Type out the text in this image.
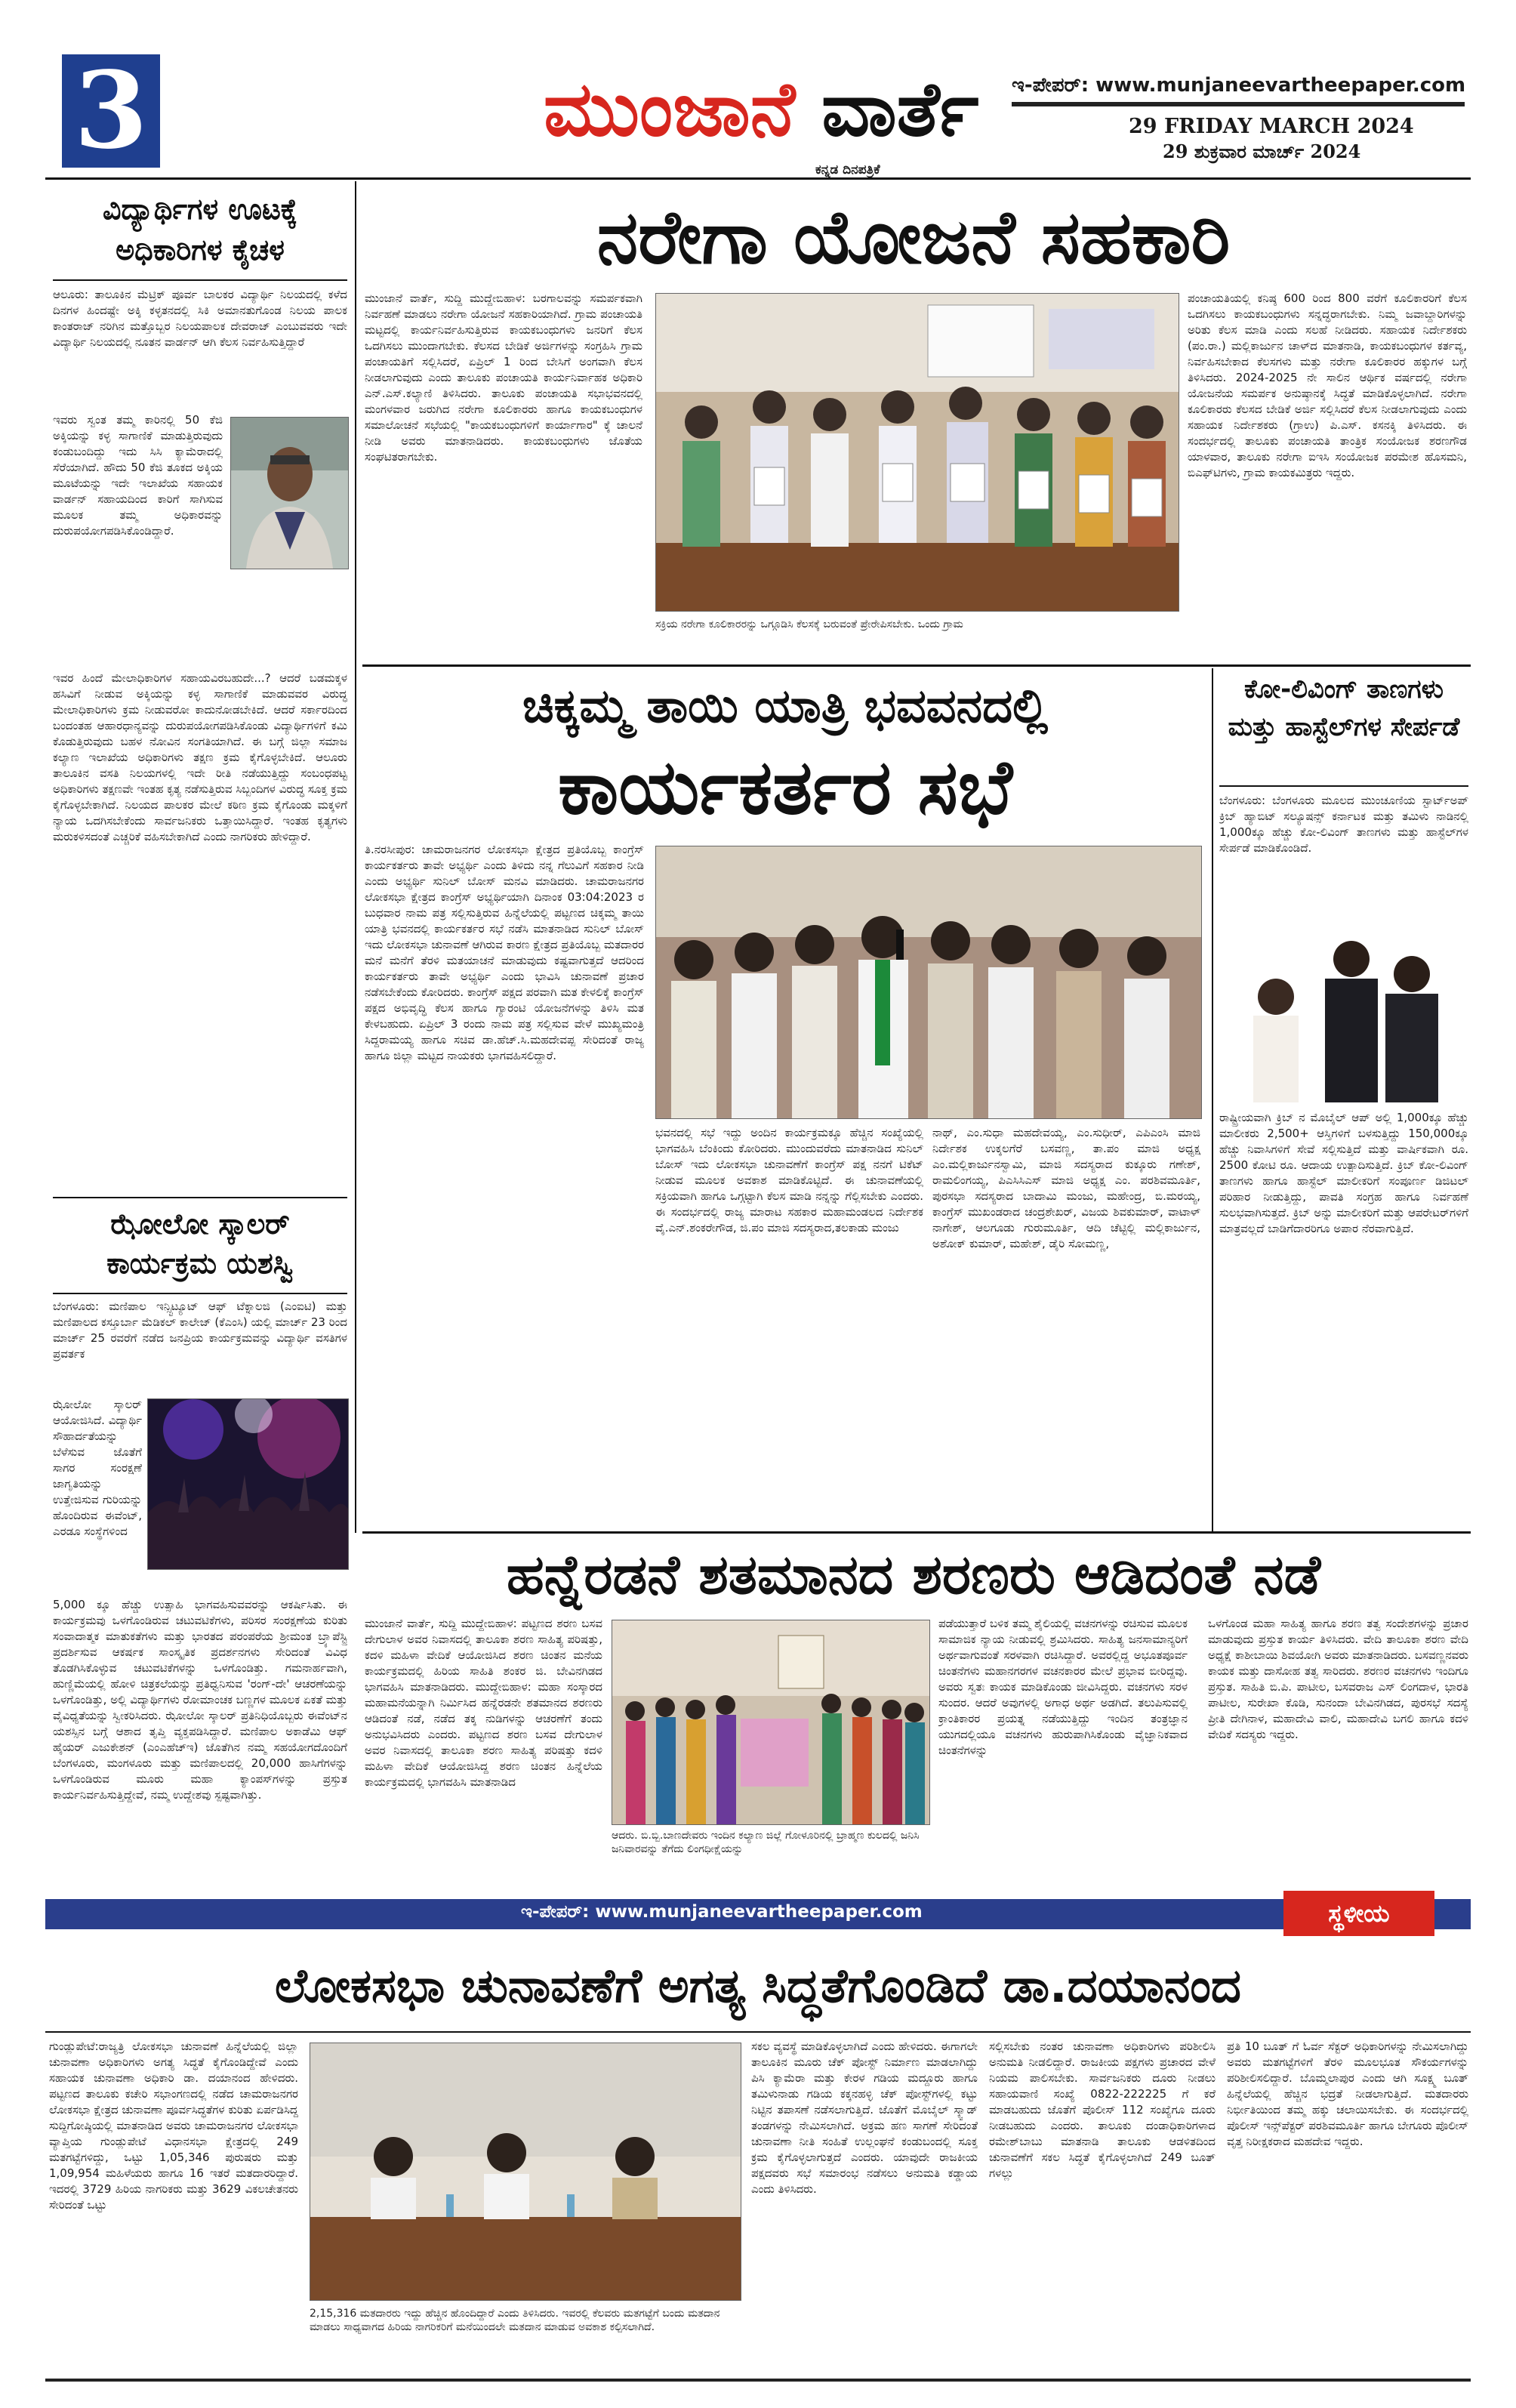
3	ಮುಂಜಾನೆ ವಾರ್ತೆ
ಕನ್ನಡ ದಿನಪತ್ರಿಕೆ
ಇ-ಪೇಪರ್: www.munjaneevartheepaper.com
29 FRIDAY MARCH 2024
29 ಶುಕ್ರವಾರ ಮಾರ್ಚ್ 2024
ವಿದ್ಯಾರ್ಥಿಗಳ ಊಟಕ್ಕೆ ಅಧಿಕಾರಿಗಳ ಕೈಚಳ
ಆಲೂರು: ತಾಲೂಕಿನ ಮೆಟ್ರಿಕ್ ಪೂರ್ವ ಬಾಲಕರ ವಿದ್ಯಾರ್ಥಿ ನಿಲಯದಲ್ಲಿ ಕಳೆದ ದಿನಗಳ ಹಿಂದಷ್ಟೇ ಅಕ್ಕಿ ಕಳ್ಳತನದಲ್ಲಿ ಸಿಕಿ ಅಮಾನತುಗೊಂಡ ನಿಲಯ ಪಾಲಕ ಕಾಂತರಾಜ್ ನರಿಗಿನ ಮತ್ತೊಬ್ಬರ ನಿಲಯಪಾಲಕ ದೇವರಾಜ್ ಎಂಬುವವರು ಇದೇ ವಿದ್ಯಾರ್ಥಿ ನಿಲಯದಲ್ಲಿ ನೂತನ ವಾರ್ಡನ್ ಆಗಿ ಕೆಲಸ ನಿರ್ವಹಿಸುತ್ತಿದ್ದಾರೆ
ಇವರು ಸ್ವಂತ ತಮ್ಮ ಕಾರಿನಲ್ಲಿ 50 ಕೆಜಿ ಅಕ್ಕಿಯನ್ನು ಕಳ್ಳ ಸಾಗಾಣಿಕೆ ಮಾಡುತ್ತಿರುವುದು ಕಂಡುಬಂದಿದ್ದು ಇದು ಸಿಸಿ ಕ್ಯಾಮೆರಾದಲ್ಲಿ ಸೆರೆಯಾಗಿದೆ. ಹೌದು 50 ಕೆಜಿ ತೂಕದ ಅಕ್ಕಿಯ ಮೂಟೆಯನ್ನು ಇದೇ ಇಲಾಖೆಯ ಸಹಾಯಕ ವಾರ್ಡನ್ ಸಹಾಯದಿಂದ ಕಾರಿಗೆ ಸಾಗಿಸುವ ಮೂಲಕ ತಮ್ಮ ಅಧಿಕಾರವನ್ನು ದುರುಪಯೋಗಪಡಿಸಿಕೊಂಡಿದ್ದಾರೆ.
ಇವರ ಹಿಂದೆ ಮೇಲಾಧಿಕಾರಿಗಳ ಸಹಾಯವಿರಬಹುದೇ...? ಆದರೆ ಬಡಮಕ್ಕಳ ಹಸಿವಿಗೆ ನೀಡುವ ಅಕ್ಕಿಯನ್ನು ಕಳ್ಳ ಸಾಗಾಣಿಕೆ ಮಾಡುವವರ ವಿರುದ್ಧ ಮೇಲಾಧಿಕಾರಿಗಳು ಕ್ರಮ ನೀಡುವರೋ ಕಾದುನೋಡಬೇಕಿದೆ. ಆದರೆ ಸರ್ಕಾರದಿಂದ ಬಂದಂತಹ ಆಹಾರಧಾನ್ಯವನ್ನು ದುರುಪಯೋಗಪಡಿಸಿಕೊಂಡು ವಿದ್ಯಾರ್ಥಿಗಳಿಗೆ ಕಮಿ ಕೊಡುತ್ತಿರುವುದು ಬಹಳ ನೋವಿನ ಸಂಗತಿಯಾಗಿದೆ. ಈ ಬಗ್ಗೆ ಜಿಲ್ಲಾ ಸಮಾಜ ಕಲ್ಯಾಣ ಇಲಾಖೆಯ ಅಧಿಕಾರಿಗಳು ತಕ್ಷಣ ಕ್ರಮ ಕೈಗೊಳ್ಳಬೇಕಿದೆ. ಆಲೂರು ತಾಲೂಕಿನ ವಸತಿ ನಿಲಯಗಳಲ್ಲಿ ಇದೇ ರೀತಿ ನಡೆಯುತ್ತಿದ್ದು ಸಂಬಂಧಪಟ್ಟ ಅಧಿಕಾರಿಗಳು ತಕ್ಷಣವೇ ಇಂತಹ ಕೃತ್ಯ ನಡೆಸುತ್ತಿರುವ ಸಿಬ್ಬಂದಿಗಳ ವಿರುದ್ಧ ಸೂಕ್ತ ಕ್ರಮ ಕೈಗೊಳ್ಳಬೇಕಾಗಿದೆ. ನಿಲಯದ ಪಾಲಕರ ಮೇಲೆ ಕಠಿಣ ಕ್ರಮ ಕೈಗೊಂಡು ಮಕ್ಕಳಿಗೆ ನ್ಯಾಯ ಒದಗಿಸಬೇಕೆಂದು ಸಾರ್ವಜನಿಕರು ಒತ್ತಾಯಿಸಿದ್ದಾರೆ. ಇಂತಹ ಕೃತ್ಯಗಳು ಮರುಕಳಿಸದಂತೆ ಎಚ್ಚರಿಕೆ ವಹಿಸಬೇಕಾಗಿದೆ ಎಂದು ನಾಗರಿಕರು ಹೇಳಿದ್ದಾರೆ.
ಝೋಲೋ ಸ್ಕಾಲರ್ ಕಾರ್ಯಕ್ರಮ ಯಶಸ್ವಿ
ಬೆಂಗಳೂರು: ಮಣಿಪಾಲ ಇನ್ಸ್ಟಿಟ್ಯೂಟ್ ಆಫ್ ಟೆಕ್ನಾಲಜಿ (ಎಂಐಟಿ) ಮತ್ತು ಮಣಿಪಾಲದ ಕಸ್ತೂರ್ಬಾ ಮೆಡಿಕಲ್ ಕಾಲೇಜ್ (ಕೆಎಂಸಿ) ಯಲ್ಲಿ ಮಾರ್ಚ್ 23 ರಿಂದ ಮಾರ್ಚ್ 25 ರವರೆಗೆ ನಡೆದ ಜನಪ್ರಿಯ ಕಾರ್ಯಕ್ರಮವನ್ನು ವಿದ್ಯಾರ್ಥಿ ವಸತಿಗಳ ಪ್ರವರ್ತಕ
ಝೋಲೋ ಸ್ಕಾಲರ್ ಆಯೋಜಿಸಿದೆ. ವಿದ್ಯಾರ್ಥಿ ಸೌಹಾರ್ದತೆಯನ್ನು ಬೆಳೆಸುವ ಜೊತೆಗೆ ಸಾಗರ ಸಂರಕ್ಷಣೆ ಜಾಗೃತಿಯನ್ನು ಉತ್ತೇಜಿಸುವ ಗುರಿಯನ್ನು ಹೊಂದಿರುವ ಈವೆಂಟ್, ಎರಡೂ ಸಂಸ್ಥೆಗಳಿಂದ
5,000 ಕ್ಕೂ ಹೆಚ್ಚು ಉತ್ಸಾಹಿ ಭಾಗವಹಿಸುವವರನ್ನು ಆಕರ್ಷಿಸಿತು. ಈ ಕಾರ್ಯಕ್ರಮವು ಒಳಗೊಂಡಿರುವ ಚಟುವಟಿಕೆಗಳು, ಪರಿಸರ ಸಂರಕ್ಷಣೆಯ ಕುರಿತು ಸಂವಾದಾತ್ಮಕ ಮಾತುಕತೆಗಳು ಮತ್ತು ಭಾರತದ ಪರಂಪರೆಯ ಶ್ರೀಮಂತ ಬ್ರ್ಯಾಪೆಸ್ಟ್ರಿ ಪ್ರದರ್ಶಿಸುವ ಆಕರ್ಷಕ ಸಾಂಸ್ಕೃತಿಕ ಪ್ರದರ್ಶನಗಳು ಸೇರಿದಂತೆ ವಿವಿಧ ತೊಡಗಿಸಿಕೊಳ್ಳುವ ಚಟುವಟಿಕೆಗಳನ್ನು ಒಳಗೊಂಡಿತ್ತು. ಗಮನಾರ್ಹವಾಗಿ, ಹುಣ್ಣಿಮೆಯಲ್ಲಿ ಹೋಳಿ ಚಿತ್ರಕಲೆಯನ್ನು ಪ್ರತಿಧ್ವನಿಸುವ 'ರಂಗ್-ದೇ' ಆಚರಣೆಯನ್ನು ಒಳಗೊಂಡಿತ್ತು, ಅಲ್ಲಿ ವಿದ್ಯಾರ್ಥಿಗಳು ರೋಮಾಂಚಕ ಬಣ್ಣಗಳ ಮೂಲಕ ಏಕತೆ ಮತ್ತು ವೈವಿಧ್ಯತೆಯನ್ನು ಸ್ವೀಕರಿಸಿದರು. ಝೋಲೋ ಸ್ಕಾಲರ್ ಪ್ರತಿನಿಧಿಯೊಬ್ಬರು ಈವೆಂಟ್‌ನ ಯಶಸ್ಸಿನ ಬಗ್ಗೆ ಆಶಾದ ತೃಪ್ತಿ ವ್ಯಕ್ತಪಡಿಸಿದ್ದಾರೆ. ಮಣಿಪಾಲ ಅಕಾಡೆಮಿ ಆಫ್ ಹೈಯರ್ ಎಜುಕೇಶನ್ (ಎಂಎಹೆಚ್ಇ) ಜೊತೆಗಿನ ನಮ್ಮ ಸಹಯೋಗದೊಂದಿಗೆ ಬೆಂಗಳೂರು, ಮಂಗಳೂರು ಮತ್ತು ಮಣಿಪಾಲದಲ್ಲಿ 20,000 ಹಾಸಿಗೆಗಳನ್ನು ಒಳಗೊಂಡಿರುವ ಮೂರು ಮಹಾ ಕ್ಯಾಂಪಸ್‌ಗಳನ್ನು ಪ್ರಸ್ತುತ ಕಾರ್ಯನಿರ್ವಹಿಸುತ್ತಿದ್ದೇವೆ, ನಮ್ಮ ಉದ್ದೇಶವು ಸ್ಪಷ್ಟವಾಗಿತ್ತು.
ನರೇಗಾ ಯೋಜನೆ ಸಹಕಾರಿ
ಮುಂಜಾನೆ ವಾರ್ತೆ, ಸುದ್ದಿ ಮುದ್ದೇಬಿಹಾಳ: ಬರಗಾಲವನ್ನು ಸಮರ್ಪಕವಾಗಿ ನಿರ್ವಹಣೆ ಮಾಡಲು ನರೇಗಾ ಯೋಜನೆ ಸಹಕಾರಿಯಾಗಿದೆ. ಗ್ರಾಮ ಪಂಚಾಯತಿ ಮಟ್ಟದಲ್ಲಿ ಕಾರ್ಯನಿರ್ವಹಿಸುತ್ತಿರುವ ಕಾಯಕಬಂಧುಗಳು ಜನರಿಗೆ ಕೆಲಸ ಒದಗಿಸಲು ಮುಂದಾಗಬೇಕು. ಕೆಲಸದ ಬೇಡಿಕೆ ಅರ್ಜಿಗಳನ್ನು ಸಂಗ್ರಹಿಸಿ ಗ್ರಾಮ ಪಂಚಾಯತಿಗೆ ಸಲ್ಲಿಸಿದರೆ, ಏಪ್ರಿಲ್ 1 ರಿಂದ ಬೇಸಿಗೆ ಅಂಗವಾಗಿ ಕೆಲಸ ನೀಡಲಾಗುವುದು ಎಂದು ತಾಲೂಕು ಪಂಚಾಯತಿ ಕಾರ್ಯನಿರ್ವಾಹಕ ಅಧಿಕಾರಿ ಎನ್.ಎಸ್.ಕಲ್ಯಾಣಿ ತಿಳಿಸಿದರು. ತಾಲೂಕು ಪಂಚಾಯತಿ ಸಭಾಭವನದಲ್ಲಿ ಮಂಗಳವಾರ ಜರುಗಿದ ನರೇಗಾ ಕೂಲಿಕಾರರು ಹಾಗೂ ಕಾಯಕಬಂಧುಗಳ ಸಮಾಲೋಚನೆ ಸಭೆಯಲ್ಲಿ "ಕಾಯಕಬಂಧುಗಳಿಗೆ ಕಾರ್ಯಾಗಾರ" ಕ್ಕೆ ಚಾಲನೆ ನೀಡಿ ಅವರು ಮಾತನಾಡಿದರು. ಕಾಯಕಬಂಧುಗಳು ಜೊತೆಯ ಸಂಘಟಿತರಾಗಬೇಕು.
ಸಕ್ರಿಯ ನರೇಗಾ ಕೂಲಿಕಾರರನ್ನು ಒಗ್ಗೂಡಿಸಿ ಕೆಲಸಕ್ಕೆ ಬರುವಂತೆ ಪ್ರೇರೇಪಿಸಬೇಕು. ಒಂದು ಗ್ರಾಮ
ಪಂಚಾಯತಿಯಲ್ಲಿ ಕನಿಷ್ಠ 600 ರಿಂದ 800 ವರೆಗೆ ಕೂಲಿಕಾರರಿಗೆ ಕೆಲಸ ಒದಗಿಸಲು ಕಾಯಕಬಂಧುಗಳು ಸನ್ನದ್ಧರಾಗಬೇಕು. ನಿಮ್ಮ ಜವಾಬ್ದಾರಿಗಳನ್ನು ಅರಿತು ಕೆಲಸ ಮಾಡಿ ಎಂದು ಸಲಹೆ ನೀಡಿದರು. ಸಹಾಯಕ ನಿರ್ದೇಶಕರು (ಪಂ.ರಾ.) ಮಲ್ಲಿಕಾರ್ಜುನ ಚಾಳ್‌ದ ಮಾತನಾಡಿ, ಕಾಯಕಬಂಧುಗಳ ಕರ್ತವ್ಯ, ನಿರ್ವಹಿಸಬೇಕಾದ ಕೆಲಸಗಳು ಮತ್ತು ನರೇಗಾ ಕೂಲಿಕಾರರ ಹಕ್ಕುಗಳ ಬಗ್ಗೆ ತಿಳಿಸಿದರು. 2024-2025 ನೇ ಸಾಲಿನ ಆರ್ಥಿಕ ವರ್ಷದಲ್ಲಿ ನರೇಗಾ ಯೋಜನೆಯ ಸಮರ್ಪಕ ಅನುಷ್ಠಾನಕ್ಕೆ ಸಿದ್ಧತೆ ಮಾಡಿಕೊಳ್ಳಲಾಗಿದೆ. ನರೇಗಾ ಕೂಲಿಕಾರರು ಕೆಲಸದ ಬೇಡಿಕೆ ಅರ್ಜಿ ಸಲ್ಲಿಸಿದರೆ ಕೆಲಸ ನೀಡಲಾಗುವುದು ಎಂದು ಸಹಾಯಕ ನಿರ್ದೇಶಕರು (ಗ್ರಾಉ) ಪಿ.ಎಸ್. ಕಸನಕ್ಕಿ ತಿಳಿಸಿದರು. ಈ ಸಂದರ್ಭದಲ್ಲಿ ತಾಲೂಕು ಪಂಚಾಯತಿ ತಾಂತ್ರಿಕ ಸಂಯೋಜಕ ಶರಣಗೌಡ ಯಾಳವಾರ, ತಾಲೂಕು ನರೇಗಾ ಐಇಸಿ ಸಂಯೋಜಕ ಪರಮೇಶ ಹೊಸಮನಿ, ಬಿಎಫ್‌ಟಿಗಳು, ಗ್ರಾಮ ಕಾಯಕಮಿತ್ರರು ಇದ್ದರು.
ಚಿಕ್ಕಮ್ಮ ತಾಯಿ ಯಾತ್ರಿ ಭವವನದಲ್ಲಿ
ಕಾರ್ಯಕರ್ತರ ಸಭೆ
ತಿ.ನರಸೀಪುರ: ಚಾಮರಾಜನಗರ ಲೋಕಸಭಾ ಕ್ಷೇತ್ರದ ಪ್ರತಿಯೊಬ್ಬ ಕಾಂಗ್ರೆಸ್ ಕಾರ್ಯಕರ್ತರು ತಾವೇ ಅಭ್ಯರ್ಥಿ ಎಂದು ತಿಳಿದು ನನ್ನ ಗೆಲುವಿಗೆ ಸಹಕಾರ ನೀಡಿ ಎಂದು ಅಭ್ಯರ್ಥಿ ಸುನಿಲ್ ಬೋಸ್ ಮನವಿ ಮಾಡಿದರು. ಚಾಮರಾಜನಗರ ಲೋಕಸಭಾ ಕ್ಷೇತ್ರದ ಕಾಂಗ್ರೆಸ್ ಅಭ್ಯರ್ಥಿಯಾಗಿ ದಿನಾಂಕ 03:04:2023 ರ ಬುಧವಾರ ನಾಮ ಪತ್ರ ಸಲ್ಲಿಸುತ್ತಿರುವ ಹಿನ್ನೆಲೆಯಲ್ಲಿ ಪಟ್ಟಣದ ಚಿಕ್ಕಮ್ಮ ತಾಯಿ ಯಾತ್ರಿ ಭವನದಲ್ಲಿ ಕಾರ್ಯಕರ್ತರ ಸಭೆ ನಡೆಸಿ ಮಾತನಾಡಿದ ಸುನಿಲ್ ಬೋಸ್ ಇದು ಲೋಕಸಭಾ ಚುನಾವಣೆ ಆಗಿರುವ ಕಾರಣ ಕ್ಷೇತ್ರದ ಪ್ರತಿಯೊಬ್ಬ ಮತದಾರರ ಮನೆ ಮನೆಗೆ ತೆರಳಿ ಮತಯಾಚನೆ ಮಾಡುವುದು ಕಷ್ಟವಾಗುತ್ತದೆ ಆದರಿಂದ ಕಾರ್ಯಕರ್ತರು ತಾವೇ ಅಭ್ಯರ್ಥಿ ಎಂದು ಭಾವಿಸಿ ಚುನಾವಣೆ ಪ್ರಚಾರ ನಡೆಸಬೇಕೆಂದು ಕೋರಿದರು. ಕಾಂಗ್ರೆಸ್ ಪಕ್ಷದ ಪರವಾಗಿ ಮತ ಕೇಳಲಿಕ್ಕೆ ಕಾಂಗ್ರೆಸ್ ಪಕ್ಷದ ಅಭಿವೃದ್ಧಿ ಕೆಲಸ ಹಾಗೂ ಗ್ಯಾರಂಟಿ ಯೋಜನೆಗಳನ್ನು ತಿಳಿಸಿ ಮತ ಕೇಳಬಹುದು. ಏಪ್ರಿಲ್ 3 ರಂದು ನಾಮ ಪತ್ರ ಸಲ್ಲಿಸುವ ವೇಳೆ ಮುಖ್ಯಮಂತ್ರಿ ಸಿದ್ದರಾಮಯ್ಯ ಹಾಗೂ ಸಚಿವ ಡಾ.ಹೆಚ್.ಸಿ.ಮಹದೇವಪ್ಪ ಸೇರಿದಂತೆ ರಾಜ್ಯ ಹಾಗೂ ಜಿಲ್ಲಾ ಮಟ್ಟದ ನಾಯಕರು ಭಾಗವಹಿಸಲಿದ್ದಾರೆ.
ಭವನದಲ್ಲಿ ಸಭೆ ಇದ್ದು ಅಂದಿನ ಕಾರ್ಯಕ್ರಮಕ್ಕೂ ಹೆಚ್ಚಿನ ಸಂಖ್ಯೆಯಲ್ಲಿ ಭಾಗವಹಿಸಿ ಬೆಂಕಿಂದು ಕೋರಿದರು. ಮುಂದುವರೆದು ಮಾತನಾಡಿದ ಸುನಿಲ್ ಬೋಸ್ ಇದು ಲೋಕಸಭಾ ಚುನಾವಣೆಗೆ ಕಾಂಗ್ರೆಸ್ ಪಕ್ಷ ನನಗೆ ಟಿಕೆಟ್ ನೀಡುವ ಮೂಲಕ ಅವಕಾಶ ಮಾಡಿಕೊಟ್ಟಿದೆ. ಈ ಚುನಾವಣೆಯಲ್ಲಿ ಸಕ್ರಿಯವಾಗಿ ಹಾಗೂ ಒಗ್ಗಟ್ಟಾಗಿ ಕೆಲಸ ಮಾಡಿ ನನ್ನನ್ನು ಗೆಲ್ಲಿಸಬೇಕು ಎಂದರು. ಈ ಸಂದರ್ಭದಲ್ಲಿ ರಾಜ್ಯ ಮಾರಾಟ ಸಹಕಾರ ಮಹಾಮಂಡಲದ ನಿರ್ದೇಶಕ ವೈ.ಎನ್.ಶಂಕರೇಗೌಡ, ಜಿ.ಪಂ ಮಾಜಿ ಸದಸ್ಯರಾದ,ತಲಕಾಡು ಮಂಜು
ನಾಥ್, ಎಂ.ಸುಧಾ ಮಹದೇವಯ್ಯ, ಎಂ.ಸುಧೀರ್, ಎಪಿಎಂಸಿ ಮಾಜಿ ನಿರ್ದೇಶಕ ಉಕ್ಕಲಗೆರೆ ಬಸವಣ್ಣ, ತಾ.ಪಂ ಮಾಜಿ ಅಧ್ಯಕ್ಷ ಎಂ.ಮಲ್ಲಿಕಾರ್ಜುನಸ್ವಾಮಿ, ಮಾಜಿ ಸದಸ್ಯರಾದ ಕುಕ್ಕೂರು ಗಣೇಶ್, ರಾಮಲಿಂಗಯ್ಯ, ಪಿಎಸಿಸಿಎಸ್ ಮಾಜಿ ಅಧ್ಯಕ್ಷ ಎಂ. ಪರಶಿವಮೂರ್ತಿ, ಪುರಸಭಾ ಸದಸ್ಯರಾದ ಬಾದಾಮಿ ಮಂಜು, ಮಹೇಂದ್ರ, ಬಿ.ಮರಯ್ಯ, ಕಾಂಗ್ರೆಸ್ ಮುಖಂಡರಾದ ಚಂದ್ರಶೇಖರ್, ವಿಜಯ ಶಿವಕುಮಾರ್, ವಾಟಾಳ್ ನಾಗೇಶ್, ಆಲಗೂಡು ಗುರುಮೂರ್ತಿ, ಆದಿ ಚೆಟ್ಟಿಲ್ಲಿ ಮಲ್ಲಿಕಾರ್ಜುನ, ಅಶೋಕ್ ಕುಮಾರ್, ಮಹೇಶ್, ಡೈರಿ ಸೋಮಣ್ಣ,
ಕೋ-ಲಿವಿಂಗ್ ತಾಣಗಳು ಮತ್ತು ಹಾಸ್ಟೆಲ್‌ಗಳ ಸೇರ್ಪಡೆ
ಬೆಂಗಳೂರು: ಬೆಂಗಳೂರು ಮೂಲದ ಮುಂಚೂಣಿಯ ಸ್ಟಾರ್ಟ್ಅಪ್ ಕ್ರಿಬ್ ಹ್ಯಾಬಿಟ್ ಸಲ್ಯೂಷನ್ಸ್ ಕರ್ನಾಟಕ ಮತ್ತು ತಮಿಳು ನಾಡಿನಲ್ಲಿ 1,000ಕ್ಕೂ ಹೆಚ್ಚು ಕೋ-ಲಿವಿಂಗ್ ತಾಣಗಳು ಮತ್ತು ಹಾಸ್ಟೆಲ್‌ಗಳ ಸೇರ್ಪಡೆ ಮಾಡಿಕೊಂಡಿದೆ.
ರಾಷ್ಟ್ರೀಯವಾಗಿ ಕ್ರಿಬ್ ನ ಮೊಬೈಲ್ ಆಪ್ ಅಲ್ಲಿ 1,000ಕ್ಕೂ ಹೆಚ್ಚು ಮಾಲೀಕರು 2,500+ ಆಸ್ತಿಗಳಿಗೆ ಬಳಸುತ್ತಿದ್ದು 150,000ಕ್ಕೂ ಹೆಚ್ಚು ನಿವಾಸಿಗಳಿಗೆ ಸೇವೆ ಸಲ್ಲಿಸುತ್ತಿದೆ ಮತ್ತು ವಾರ್ಷಿಕವಾಗಿ ರೂ. 2500 ಕೋಟಿ ರೂ. ಆದಾಯ ಉತ್ಪಾದಿಸುತ್ತಿದೆ. ಕ್ರಿಬ್ ಕೋ-ಲಿವಿಂಗ್ ತಾಣಗಳು ಹಾಗೂ ಹಾಸ್ಟೆಲ್ ಮಾಲೀಕರಿಗೆ ಸಂಪೂರ್ಣ ಡಿಜಿಟಲ್ ಪರಿಹಾರ ನೀಡುತ್ತಿದ್ದು, ಪಾವತಿ ಸಂಗ್ರಹ ಹಾಗೂ ನಿರ್ವಹಣೆ ಸುಲಭವಾಗಿಸುತ್ತದೆ. ಕ್ರಿಬ್ ಅನ್ನು ಮಾಲೀಕರಿಗೆ ಮತ್ತು ಆಪರೇಟರ್‌ಗಳಿಗೆ ಮಾತ್ರವಲ್ಲದೆ ಬಾಡಿಗೆದಾರರಿಗೂ ಅಪಾರ ನೆರವಾಗುತ್ತಿದೆ.
ಹನ್ನೆರಡನೆ ಶತಮಾನದ ಶರಣರು ಆಡಿದಂತೆ ನಡೆ
ಮುಂಜಾನೆ ವಾರ್ತೆ, ಸುದ್ದಿ ಮುದ್ದೇಬಿಹಾಳ: ಪಟ್ಟಣದ ಶರಣ ಬಸವ ದೇಗುಲಾಳ ಅವರ ನಿವಾಸದಲ್ಲಿ ತಾಲೂಕಾ ಶರಣ ಸಾಹಿತ್ಯ ಪರಿಷತ್ತು, ಕದಳಿ ಮಹಿಳಾ ವೇದಿಕೆ ಆಯೋಜಿಸಿದ ಶರಣ ಚಿಂತನ ಮನೆಯ ಕಾರ್ಯಕ್ರಮದಲ್ಲಿ ಹಿರಿಯ ಸಾಹಿತಿ ಶಂಕರ ಜಿ. ಬೇವಿನಗಿಡದ ಭಾಗವಹಿಸಿ ಮಾತನಾಡಿದರು. ಮುದ್ದೇಬಿಹಾಳ: ಮಹಾ ಸಂಸ್ಕಾರದ ಮಹಾಮನೆಯನ್ನಾಗಿ ನಿರ್ಮಿಸಿದ ಹನ್ನೆರಡನೇ ಶತಮಾನದ ಶರಣರು ಆಡಿದಂತೆ ನಡೆ, ನಡೆದ ತಕ್ಕ ನುಡಿಗಳನ್ನು ಆಚರಣೆಗೆ ತಂದು ಅನುಭವಿಸಿದರು ಎಂದರು. ಪಟ್ಟಣದ ಶರಣ ಬಸವ ದೇಗುಲಾಳ ಅವರ ನಿವಾಸದಲ್ಲಿ ತಾಲೂಕಾ ಶರಣ ಸಾಹಿತ್ಯ ಪರಿಷತ್ತು ಕದಳಿ ಮಹಿಳಾ ವೇದಿಕೆ ಆಯೋಜಿಸಿದ್ದ ಶರಣ ಚಿಂತನ ಹಿನ್ನೆಲೆಯ ಕಾರ್ಯಕ್ರಮದಲ್ಲಿ ಭಾಗವಹಿಸಿ ಮಾತನಾಡಿದ
ಆದರು. ಬಿ.ಬ್ಬಿ.ಬಾಣದೇವರು ಇಂದಿನ ಕಲ್ಯಾಣ ಜಿಲ್ಲೆ ಗೋಳೂರಿನಲ್ಲಿ ಬ್ರಾಹ್ಮಣ ಕುಲದಲ್ಲಿ ಜನಿಸಿ ಜನಿವಾರವನ್ನು ತೆಗೆದು ಲಿಂಗಧೀಕ್ಷೆಯನ್ನು
ಪಡೆಯುತ್ತಾರೆ ಬಳಿಕ ತಮ್ಮ ಶೈಲಿಯಲ್ಲಿ ವಚನಗಳನ್ನು ರಚಿಸುವ ಮೂಲಕ ಸಾಮಾಜಿಕ ನ್ಯಾಯ ನೀಡುವಲ್ಲಿ ಶ್ರಮಿಸಿದರು. ಸಾಹಿತ್ಯ ಜನಸಾಮಾನ್ಯರಿಗೆ ಅರ್ಥವಾಗುವಂತೆ ಸರಳವಾಗಿ ರಚಿಸಿದ್ದಾರೆ. ಅವರಲ್ಲಿದ್ದ ಅಭೂತಪೂರ್ವ ಚಿಂತನೆಗಳು ಮಹಾನಗರಗಳ ವಚನಕಾರರ ಮೇಲೆ ಪ್ರಭಾವ ಬೀರಿದ್ದವು. ಅವರು ಸ್ವತಃ ಕಾಯಕ ಮಾಡಿಕೊಂಡು ಜೀವಿಸಿದ್ದರು. ವಚನಗಳು ಸರಳ ಸುಂದರ. ಆದರೆ ಅವುಗಳಲ್ಲಿ ಅಗಾಧ ಅರ್ಥ ಅಡಗಿದೆ. ತಲುಪಿಸುವಲ್ಲಿ ಕ್ರಾಂತಿಕಾರರ ಪ್ರಯತ್ನ ನಡೆಯುತ್ತಿದ್ದು ಇಂದಿನ ತಂತ್ರಜ್ಞಾನ ಯುಗದಲ್ಲಿಯೂ ವಚನಗಳು ಹುರುಪಾಗಿಸಿಕೊಂಡು ವೈಜ್ಞಾನಿಕವಾದ ಚಿಂತನೆಗಳನ್ನು
ಒಳಗೊಂಡ ಮಹಾ ಸಾಹಿತ್ಯ ಹಾಗೂ ಶರಣ ತತ್ವ ಸಂದೇಶಗಳನ್ನು ಪ್ರಚಾರ ಮಾಡುವುದು ಪ್ರಸ್ತುತ ಕಾರ್ಯ ತಿಳಿಸಿದರು. ವೇದಿ ತಾಲೂಕಾ ಶರಣ ವೇದಿ ಅಧ್ಯಕ್ಷೆ ಕಾಶೀಬಾಯಿ ಶಿವಯೋಗಿ ಅವರು ಮಾತನಾಡಿದರು. ಬಸವಣ್ಣನವರು ಕಾಯಕ ಮತ್ತು ದಾಸೋಹ ತತ್ವ ಸಾರಿದರು. ಶರಣರ ವಚನಗಳು ಇಂದಿಗೂ ಪ್ರಸ್ತುತ. ಸಾಹಿತಿ ಬಿ.ಪಿ. ಪಾಟೀಲ, ಬಸವರಾಜ ಎಸ್ ಲಿಂಗದಾಳ, ಭಾರತಿ ಪಾಟೀಲ, ಸುರೇಖಾ ಕೊಡಿ, ಸುನಂದಾ ಬೇವಿನಗಿಡದ, ಪುರಸಭೆ ಸದಸ್ಯೆ ಪ್ರೀತಿ ದೇಗಿನಾಳ, ಮಹಾದೇವಿ ವಾಲಿ, ಮಹಾದೇವಿ ಬಗಲಿ ಹಾಗೂ ಕದಳಿ ವೇದಿಕೆ ಸದಸ್ಯರು ಇದ್ದರು.
ಇ-ಪೇಪರ್: www.munjaneevartheepaper.com	ಸ್ಥಳೀಯ
ಲೋಕಸಭಾ ಚುನಾವಣೆಗೆ ಅಗತ್ಯ ಸಿದ್ಧತೆಗೊಂಡಿದೆ ಡಾ.ದಯಾನಂದ
ಗುಂಡ್ಲುಪೇಟೆ:ರಾಜ್ಯತ್ರಿ ಲೋಕಸಭಾ ಚುನಾವಣೆ ಹಿನ್ನೆಲೆಯಲ್ಲಿ ಜಿಲ್ಲಾ ಚುನಾವಣಾ ಅಧಿಕಾರಿಗಳು ಅಗತ್ಯ ಸಿದ್ಧತೆ ಕೈಗೊಂಡಿದ್ದೇವೆ ಎಂದು ಸಹಾಯಕ ಚುನಾವಣಾ ಅಧಿಕಾರಿ ಡಾ. ದಯಾನಂದ ಹೇಳಿದರು. ಪಟ್ಟಣದ ತಾಲೂಕು ಕಚೇರಿ ಸಭಾಂಗಣದಲ್ಲಿ ನಡೆದ ಚಾಮರಾಜನಗರ ಲೋಕಸಭಾ ಕ್ಷೇತ್ರದ ಚುನಾವಣಾ ಪೂರ್ವಸಿದ್ಧತೆಗಳ ಕುರಿತು ಏರ್ಪಡಿಸಿದ್ದ ಸುದ್ದಿಗೋಷ್ಠಿಯಲ್ಲಿ ಮಾತನಾಡಿದ ಅವರು ಚಾಮರಾಜನಗರ ಲೋಕಸಭಾ ವ್ಯಾಪ್ತಿಯ ಗುಂಡ್ಲುಪೇಟೆ ವಿಧಾನಸಭಾ ಕ್ಷೇತ್ರದಲ್ಲಿ 249 ಮತಗಟ್ಟೆಗಳಿದ್ದು, ಒಟ್ಟು 1,05,346 ಪುರುಷರು ಮತ್ತು 1,09,954 ಮಹಿಳೆಯರು ಹಾಗೂ 16 ಇತರೆ ಮತದಾರರಿದ್ದಾರೆ. ಇದರಲ್ಲಿ 3729 ಹಿರಿಯ ನಾಗರಿಕರು ಮತ್ತು 3629 ವಿಕಲಚೇತನರು ಸೇರಿದಂತೆ ಒಟ್ಟು
2,15,316 ಮತದಾರರು ಇದ್ದು ಹೆಚ್ಚಿನ ಹೊಂದಿದ್ದಾರೆ ಎಂದು ತಿಳಿಸಿದರು. ಇವರಲ್ಲಿ ಕೆಲವರು ಮತಗಟ್ಟೆಗೆ ಬಂದು ಮತದಾನ ಮಾಡಲು ಸಾಧ್ಯವಾಗದ ಹಿರಿಯ ನಾಗರಿಕರಿಗೆ ಮನೆಯಿಂದಲೇ ಮತದಾನ ಮಾಡುವ ಅವಕಾಶ ಕಲ್ಪಿಸಲಾಗಿದೆ.
ಸಕಲ ವ್ಯವಸ್ಥೆ ಮಾಡಿಕೊಳ್ಳಲಾಗಿದೆ ಎಂದು ಹೇಳಿದರು. ಈಗಾಗಲೇ ತಾಲೂಕಿನ ಮೂರು ಚೆಕ್ ಪೋಸ್ಟ್ ನಿರ್ಮಾಣ ಮಾಡಲಾಗಿದ್ದು ಪಿಸಿ ಕ್ಯಾಮೆರಾ ಮತ್ತು ಕೇರಳ ಗಡಿಯ ಮದ್ದೂರು ಹಾಗೂ ತಮಿಳುನಾಡು ಗಡಿಯ ಕಕ್ಕನಹಳ್ಳಿ ಚೆಕ್ ಪೋಸ್ಟ್‌ಗಳಲ್ಲಿ ಕಟ್ಟು ನಿಟ್ಟಿನ ತಪಾಸಣೆ ನಡೆಸಲಾಗುತ್ತಿದೆ. ಜೊತೆಗೆ ಮೊಬೈಲ್ ಸ್ಕ್ವಾಡ್ ತಂಡಗಳನ್ನು ನೇಮಿಸಲಾಗಿದೆ. ಅಕ್ರಮ ಹಣ ಸಾಗಣೆ ಸೇರಿದಂತೆ ಚುನಾವಣಾ ನೀತಿ ಸಂಹಿತೆ ಉಲ್ಲಂಘನೆ ಕಂಡುಬಂದಲ್ಲಿ ಸೂಕ್ತ ಕ್ರಮ ಕೈಗೊಳ್ಳಲಾಗುತ್ತದೆ ಎಂದರು. ಯಾವುದೇ ರಾಜಕೀಯ ಪಕ್ಷದವರು ಸಭೆ ಸಮಾರಂಭ ನಡೆಸಲು ಅನುಮತಿ ಕಡ್ಡಾಯ ಎಂದು ತಿಳಿಸಿದರು.
ಸಲ್ಲಿಸಬೇಕು ನಂತರ ಚುನಾವಣಾ ಅಧಿಕಾರಿಗಳು ಪರಿಶೀಲಿಸಿ ಅನುಮತಿ ನೀಡಲಿದ್ದಾರೆ. ರಾಜಕೀಯ ಪಕ್ಷಗಳು ಪ್ರಚಾರದ ವೇಳೆ ನಿಯಮ ಪಾಲಿಸಬೇಕು. ಸಾರ್ವಜನಿಕರು ದೂರು ನೀಡಲು ಸಹಾಯವಾಣಿ ಸಂಖ್ಯೆ 0822-222225 ಗೆ ಕರೆ ಮಾಡಬಹುದು ಜೊತೆಗೆ ಪೊಲೀಸ್ 112 ಸಂಖ್ಯೆಗೂ ದೂರು ನೀಡಬಹುದು ಎಂದರು. ತಾಲೂಕು ದಂಡಾಧಿಕಾರಿಗಳಾದ ರಮೇಶ್‌ಬಾಬು ಮಾತನಾಡಿ ತಾಲೂಕು ಆಡಳಿತದಿಂದ ಚುನಾವಣೆಗೆ ಸಕಲ ಸಿದ್ಧತೆ ಕೈಗೊಳ್ಳಲಾಗಿದೆ 249 ಬೂತ್ ಗಳಲ್ಲು
ಪ್ರತಿ 10 ಬೂತ್ ಗೆ ಓರ್ವ ಸೆಕ್ಟರ್ ಅಧಿಕಾರಿಗಳನ್ನು ನೇಮಿಸಲಾಗಿದ್ದು ಅವರು ಮತಗಟ್ಟೆಗಳಿಗೆ ತೆರಳಿ ಮೂಲಭೂತ ಸೌಕರ್ಯಗಳನ್ನು ಪರಿಶೀಲಿಸಲಿದ್ದಾರೆ. ಬೊಮ್ಮಲಾಪುರ ಎಂದು ಆಗಿ ಸೂಕ್ಷ್ಮ ಬೂತ್ ಹಿನ್ನೆಲೆಯಲ್ಲಿ ಹೆಚ್ಚಿನ ಭದ್ರತೆ ನೀಡಲಾಗುತ್ತಿದೆ. ಮತದಾರರು ನಿರ್ಭೀತಿಯಿಂದ ತಮ್ಮ ಹಕ್ಕು ಚಲಾಯಿಸಬೇಕು. ಈ ಸಂದರ್ಭದಲ್ಲಿ ಪೊಲೀಸ್ ಇನ್ಸ್‌ಪೆಕ್ಟರ್ ಪರಶಿವಮೂರ್ತಿ ಹಾಗೂ ಬೇಗೂರು ಪೊಲೀಸ್ ವೃತ್ತ ನಿರೀಕ್ಷಕರಾದ ಮಹದೇವ ಇದ್ದರು.
